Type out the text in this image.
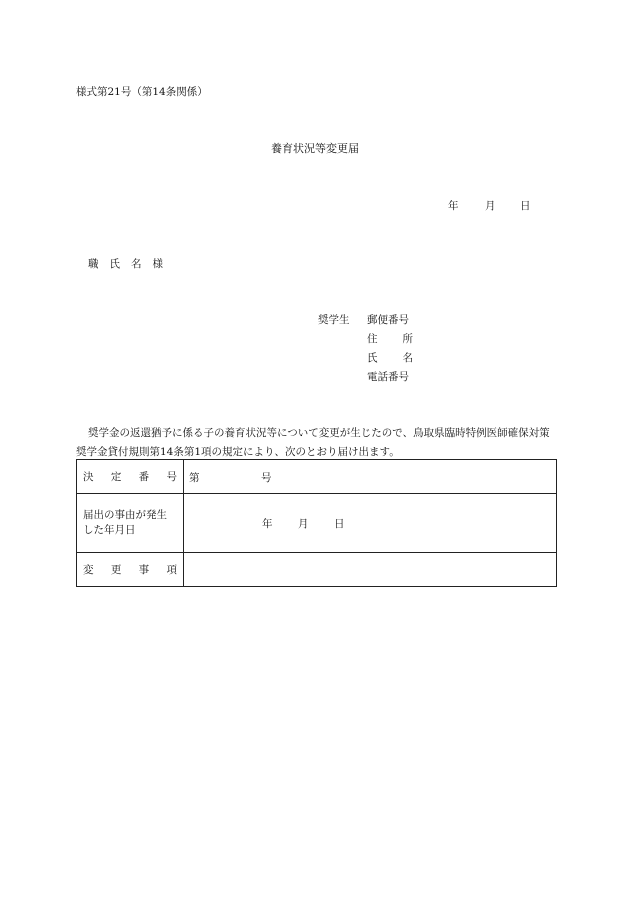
様式第21号（第14条関係）
養育状況等変更届
年	月 日
職 氏 名 様
奨学生 郵便番号
住 所
氏 名
電話番号
奨学金の返還猶予に係る子の養育状況等について変更が生じたので、鳥取県臨時特例医師確保対策奨学金貸付規則第14条第1項の規定により、次のとおり届け出ます。
決 定 番 号	第 号

届出の事由が発生した年月日	年 月 日

変 更 事 項	
